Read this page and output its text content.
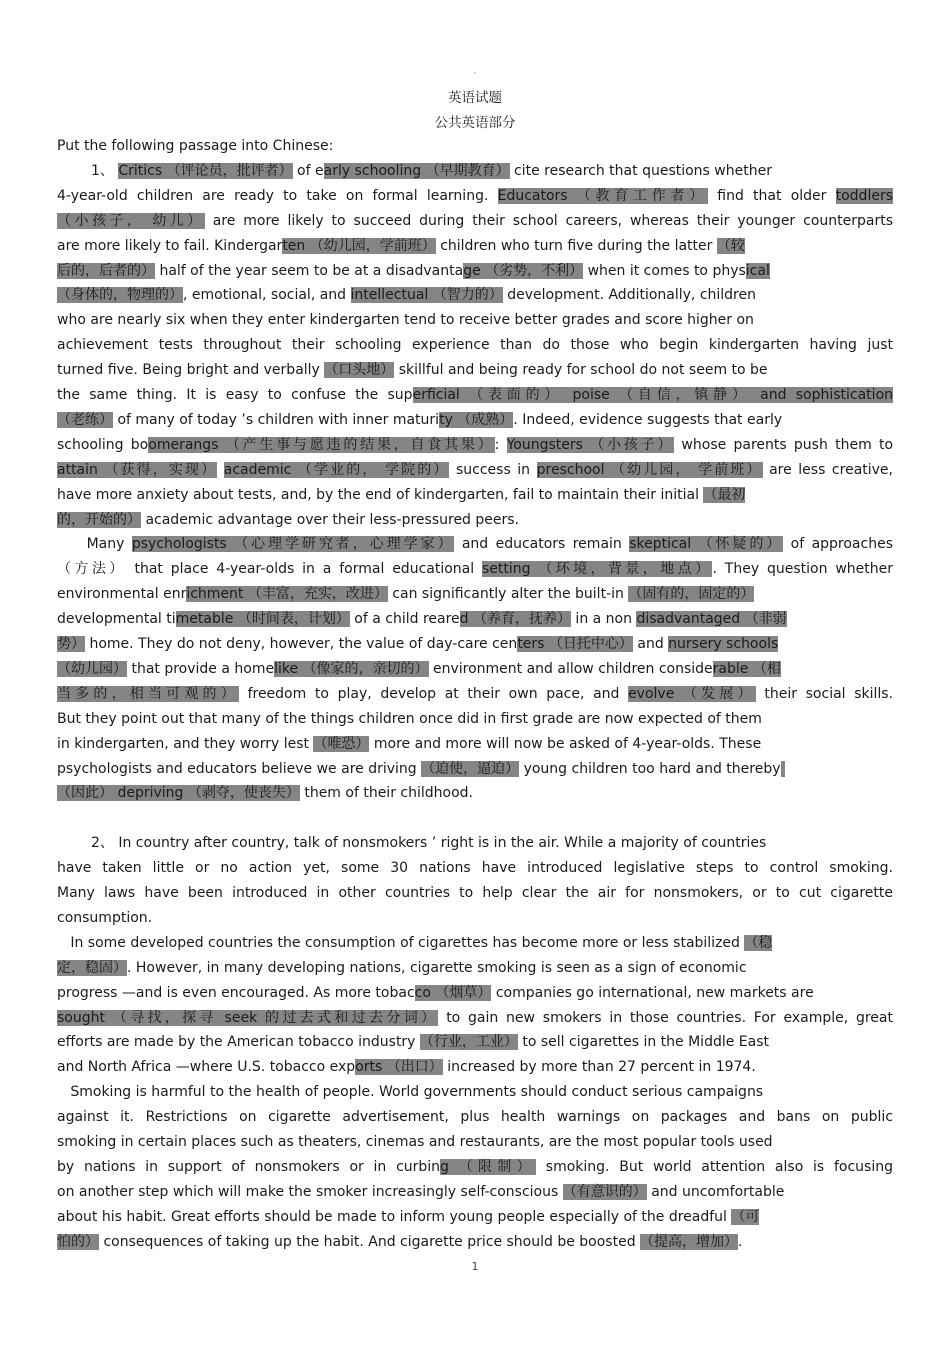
-
英语试题
公共英语部分
Put the following passage into Chinese:
1、 Critics （评论员，批评者） of early schooling （早期教育） cite research that questions whether
4-year-old children are ready to take on formal learning. Educators （教育工作者） find that older toddlers
（小孩子， 幼儿） are more likely to succeed during their school careers, whereas their younger counterparts
are more likely to fail. Kindergarten （幼儿园，学前班） children who turn five during the latter （较
后的，后者的） half of the year seem to be at a disadvantage （劣势，不利） when it comes to physical
（身体的，物理的）, emotional, social, and intellectual （智力的） development. Additionally, children
who are nearly six when they enter kindergarten tend to receive better grades and score higher on
achievement tests throughout their schooling experience than do those who begin kindergarten having just
turned five. Being bright and verbally （口头地） skillful and being ready for school do not seem to be
the same thing. It is easy to confuse the superficial （表面的） poise （自信，镇静） and sophistication
（老练） of many of today ’s children with inner maturity （成熟）. Indeed, evidence suggests that early
schooling boomerangs （产生事与愿违的结果，自食其果）: Youngsters （小孩子） whose parents push them to
attain （获得，实现） academic （学业的， 学院的） success in preschool （幼儿园， 学前班） are less creative,
have more anxiety about tests, and, by the end of kindergarten, fail to maintain their initial （最初
的，开始的） academic advantage over their less-pressured peers.
Many psychologists （心理学研究者，心理学家） and educators remain skeptical （怀疑的） of approaches
（方法） that place 4-year-olds in a formal educational setting （环境，背景，地点）. They question whether
environmental enrichment （丰富，充实，改进） can significantly alter the built-in （固有的，固定的）
developmental timetable （时间表，计划） of a child reared （养育，抚养） in a non disadvantaged （非弱
势） home. They do not deny, however, the value of day-care centers （日托中心） and nursery schools
（幼儿园） that provide a homelike （像家的，亲切的） environment and allow children considerable （相
当多的，相当可观的） freedom to play, develop at their own pace, and evolve （发展） their social skills.
But they point out that many of the things children once did in first grade are now expected of them
in kindergarten, and they worry lest （唯恐） more and more will now be asked of 4-year-olds. These
psychologists and educators believe we are driving （迫使，逼迫） young children too hard and thereby
（因此） depriving （剥夺，使丧失） them of their childhood.
2、 In country after country, talk of nonsmokers ’ right is in the air. While a majority of countries
have taken little or no action yet, some 30 nations have introduced legislative steps to control smoking.
Many laws have been introduced in other countries to help clear the air for nonsmokers, or to cut cigarette
consumption.
In some developed countries the consumption of cigarettes has become more or less stabilized （稳
定，稳固）. However, in many developing nations, cigarette smoking is seen as a sign of economic
progress —and is even encouraged. As more tobacco （烟草） companies go international, new markets are
sought （寻找，探寻 seek 的过去式和过去分词） to gain new smokers in those countries. For example, great
efforts are made by the American tobacco industry （行业，工业） to sell cigarettes in the Middle East
and North Africa —where U.S. tobacco exports （出口） increased by more than 27 percent in 1974.
Smoking is harmful to the health of people. World governments should conduct serious campaigns
against it. Restrictions on cigarette advertisement, plus health warnings on packages and bans on public
smoking in certain places such as theaters, cinemas and restaurants, are the most popular tools used
by nations in support of nonsmokers or in curbing （限制） smoking. But world attention also is focusing
on another step which will make the smoker increasingly self-conscious （有意识的） and uncomfortable
about his habit. Great efforts should be made to inform young people especially of the dreadful （可
怕的） consequences of taking up the habit. And cigarette price should be boosted （提高，增加）.
1
